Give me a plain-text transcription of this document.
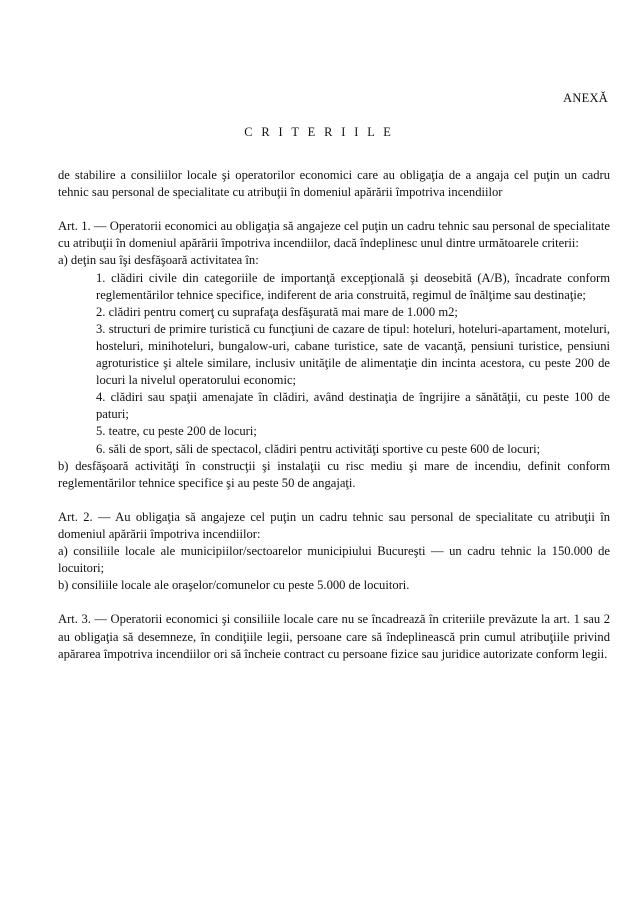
ANEXĂ
C R I T E R I I L E

de stabilire a consiliilor locale şi operatorilor economici care au obligaţia de a angaja cel puţin un cadru tehnic sau personal de specialitate cu atribuţii în domeniul apărării împotriva incendiilor

Art. 1. — Operatorii economici au obligaţia să angajeze cel puţin un cadru tehnic sau personal de specialitate cu atribuţii în domeniul apărării împotriva incendiilor, dacă îndeplinesc unul dintre următoarele criterii:

a) deţin sau îşi desfăşoară activitatea în:

1. clădiri civile din categoriile de importanţă excepţională şi deosebită (A/B), încadrate conform reglementărilor tehnice specifice, indiferent de aria construită, regimul de înălţime sau destinaţie;

2. clădiri pentru comerţ cu suprafaţa desfăşurată mai mare de 1.000 m2;

3. structuri de primire turistică cu funcţiuni de cazare de tipul: hoteluri, hoteluri-apartament, moteluri, hosteluri, minihoteluri, bungalow-uri, cabane turistice, sate de vacanţă, pensiuni turistice, pensiuni agroturistice şi altele similare, inclusiv unităţile de alimentaţie din incinta acestora, cu peste 200 de locuri la nivelul operatorului economic;

4. clădiri sau spaţii amenajate în clădiri, având destinaţia de îngrijire a sănătăţii, cu peste 100 de paturi;

5. teatre, cu peste 200 de locuri;

6. săli de sport, săli de spectacol, clădiri pentru activităţi sportive cu peste 600 de locuri;

b) desfăşoară activităţi în construcţii şi instalaţii cu risc mediu şi mare de incendiu, definit conform reglementărilor tehnice specifice şi au peste 50 de angajaţi.

Art. 2. — Au obligaţia să angajeze cel puţin un cadru tehnic sau personal de specialitate cu atribuţii în domeniul apărării împotriva incendiilor:

a) consiliile locale ale municipiilor/sectoarelor municipiului Bucureşti — un cadru tehnic la 150.000 de locuitori;

b) consiliile locale ale oraşelor/comunelor cu peste 5.000 de locuitori.

Art. 3. — Operatorii economici şi consiliile locale care nu se încadrează în criteriile prevăzute la art. 1 sau 2 au obligaţia să desemneze, în condiţiile legii, persoane care să îndeplinească prin cumul atribuţiile privind apărarea împotriva incendiilor ori să încheie contract cu persoane fizice sau juridice autorizate conform legii.
